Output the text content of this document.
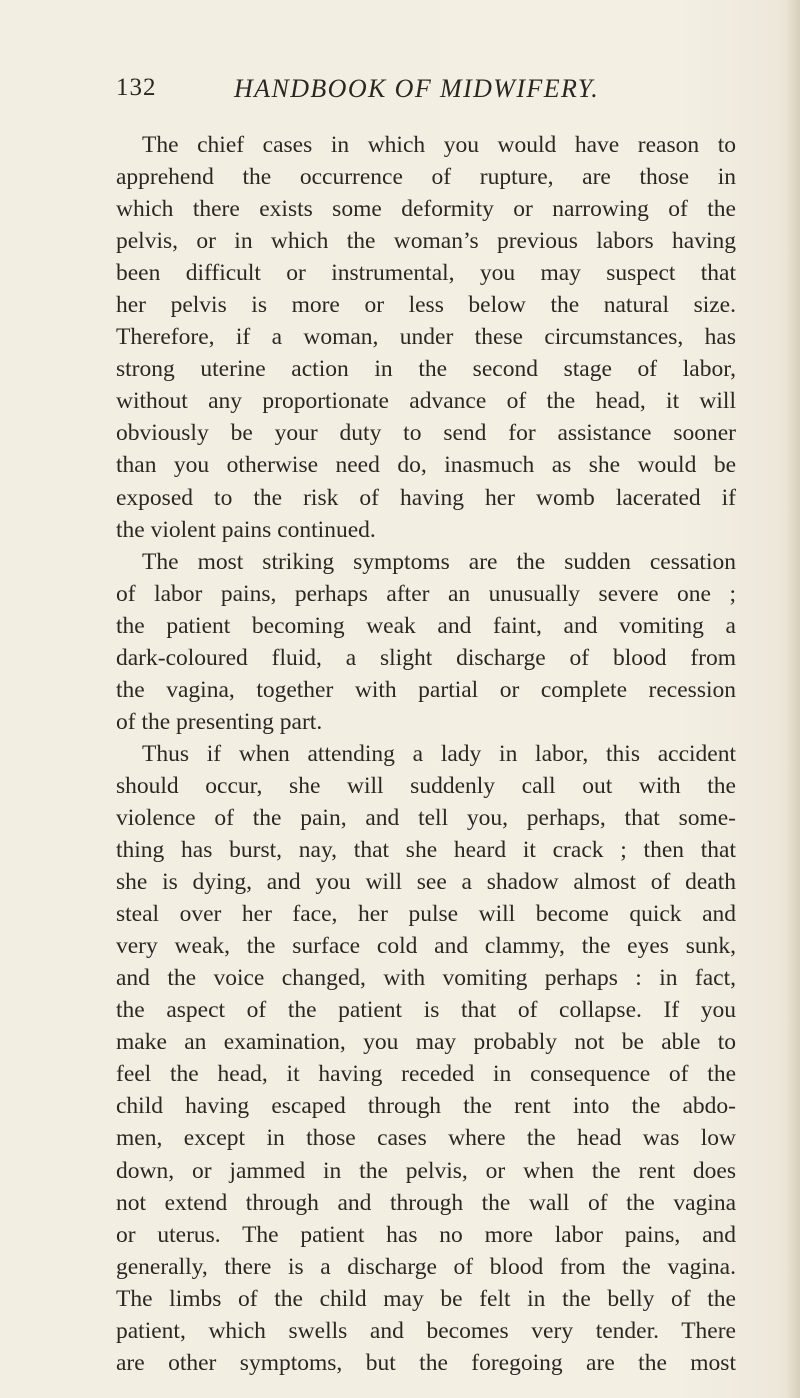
132	HANDBOOK OF MIDWIFERY.
The chief cases in which you would have reason to
apprehend the occurrence of rupture, are those in
which there exists some deformity or narrowing of the
pelvis, or in which the woman’s previous labors having
been difficult or instrumental, you may suspect that
her pelvis is more or less below the natural size.
Therefore, if a woman, under these circumstances, has
strong uterine action in the second stage of labor,
without any proportionate advance of the head, it will
obviously be your duty to send for assistance sooner
than you otherwise need do, inasmuch as she would be
exposed to the risk of having her womb lacerated if
the violent pains continued.
The most striking symptoms are the sudden cessation
of labor pains, perhaps after an unusually severe one ;
the patient becoming weak and faint, and vomiting a
dark-coloured fluid, a slight discharge of blood from
the vagina, together with partial or complete recession
of the presenting part.
Thus if when attending a lady in labor, this accident
should occur, she will suddenly call out with the
violence of the pain, and tell you, perhaps, that some-
thing has burst, nay, that she heard it crack ; then that
she is dying, and you will see a shadow almost of death
steal over her face, her pulse will become quick and
very weak, the surface cold and clammy, the eyes sunk,
and the voice changed, with vomiting perhaps : in fact,
the aspect of the patient is that of collapse. If you
make an examination, you may probably not be able to
feel the head, it having receded in consequence of the
child having escaped through the rent into the abdo-
men, except in those cases where the head was low
down, or jammed in the pelvis, or when the rent does
not extend through and through the wall of the vagina
or uterus. The patient has no more labor pains, and
generally, there is a discharge of blood from the vagina.
The limbs of the child may be felt in the belly of the
patient, which swells and becomes very tender. There
are other symptoms, but the foregoing are the most
